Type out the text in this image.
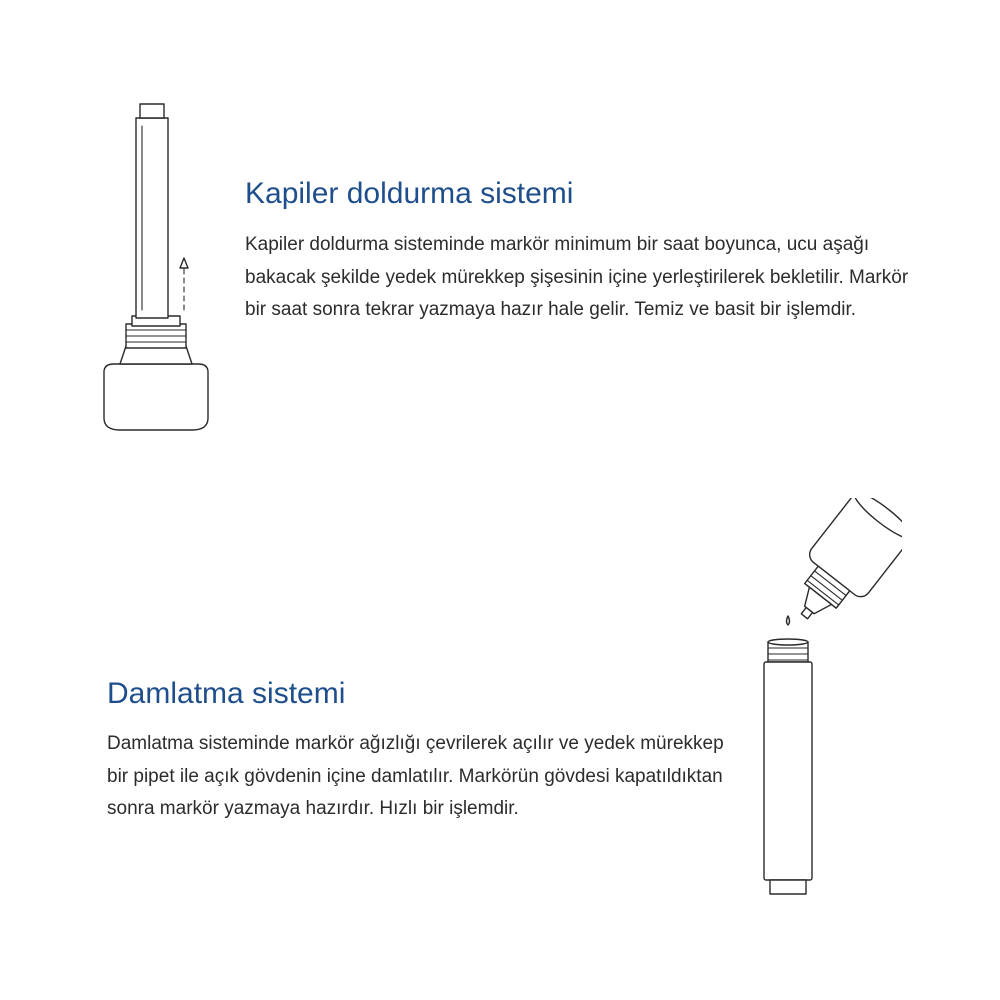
Kapiler doldurma sistemi

Kapiler doldurma sisteminde markör minimum bir saat boyunca, ucu aşağı bakacak şekilde yedek mürekkep şişesinin içine yerleştirilerek bekletilir. Markör bir saat sonra tekrar yazmaya hazır hale gelir. Temiz ve basit bir işlemdir.

Damlatma sistemi

Damlatma sisteminde markör ağızlığı çevrilerek açılır ve yedek mürekkep bir pipet ile açık gövdenin içine damlatılır. Markörün gövdesi kapatıldıktan sonra markör yazmaya hazırdır. Hızlı bir işlemdir.
